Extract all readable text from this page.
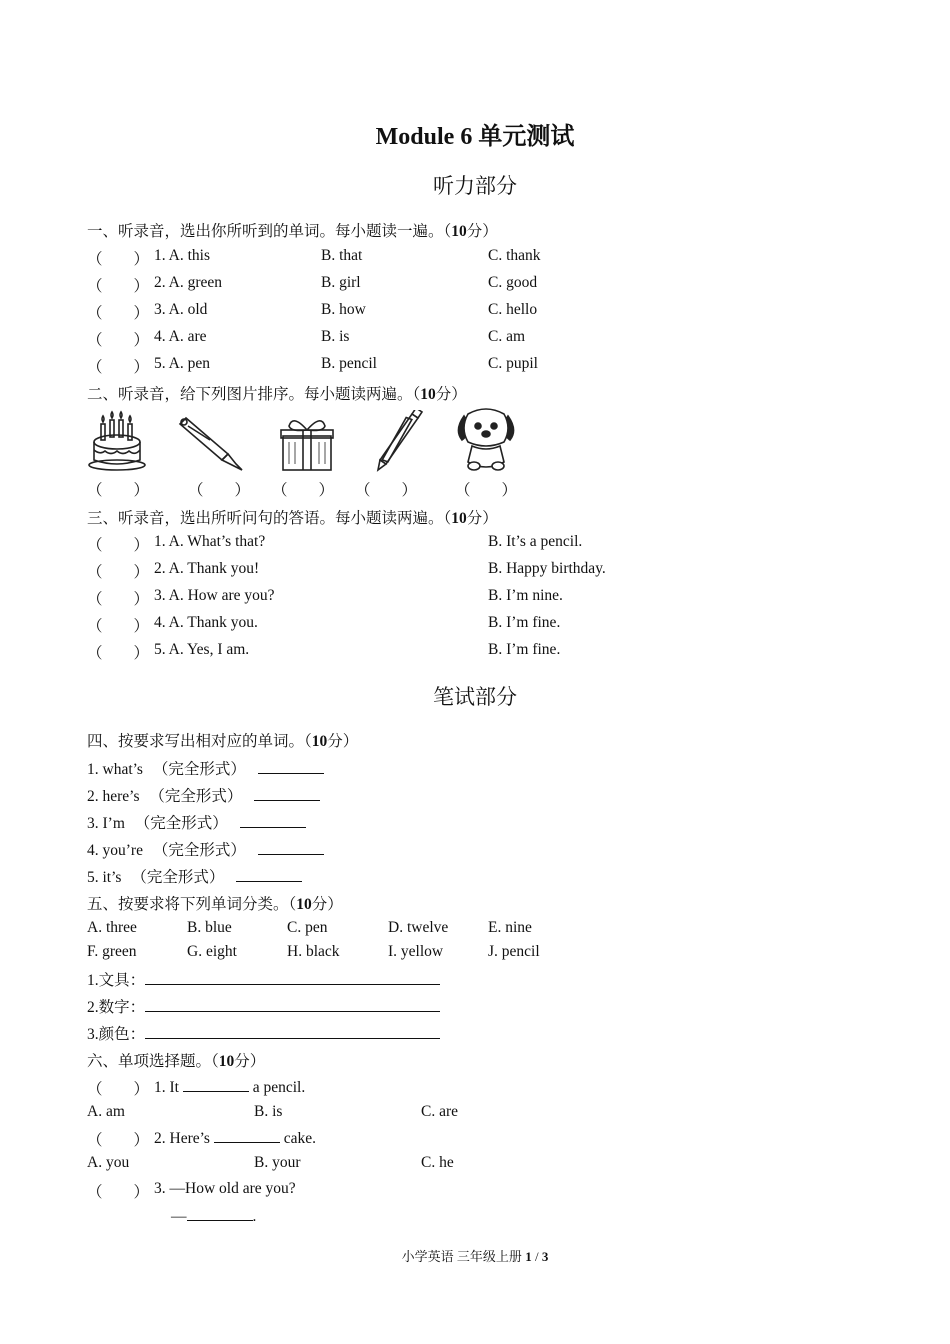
Module 6 单元测试
听力部分
一、听录音，选出你所听到的单词。每小题读一遍。（10分）
（　　） 1. A. this	B. that	C. thank
（　　） 2. A. green	B. girl	C. good
（　　） 3. A. old	B. how	C. hello
（　　） 4. A. are	B. is	C. am
（　　） 5. A. pen	B. pencil	C. pupil
二、听录音，给下列图片排序。每小题读两遍。（10分）
（　　）	（　　） （　　） （　　） （　　）
三、听录音，选出所听问句的答语。每小题读两遍。（10分）
（　　） 1. A. What’s that?	B. It’s a pencil.
（　　） 2. A. Thank you!	B. Happy birthday.
（　　） 3. A. How are you?	B. I’m nine.
（　　） 4. A. Thank you.	B. I’m fine.
（　　） 5. A. Yes, I am.	B. I’m fine.
笔试部分
四、按要求写出相对应的单词。（10分）
1. what’s （完全形式）
2. here’s （完全形式）
3. I’m （完全形式）
4. you’re （完全形式）
5. it’s （完全形式）
五、按要求将下列单词分类。（10分）
A. three	B. blue	C. pen	D. twelve	E. nine
F. green	G. eight	H. black	I. yellow	J. pencil
1.文具：
2.数字：
3.颜色：
六、单项选择题。（10分）
（　　） 1. It	a pencil.
A. am	B. is	C. are
（　　） 2. Here’s	cake.
A. you	B. your	C. he
（　　） 3. —How old are you?
—	.
小学英语 三年级上册 1 / 3
